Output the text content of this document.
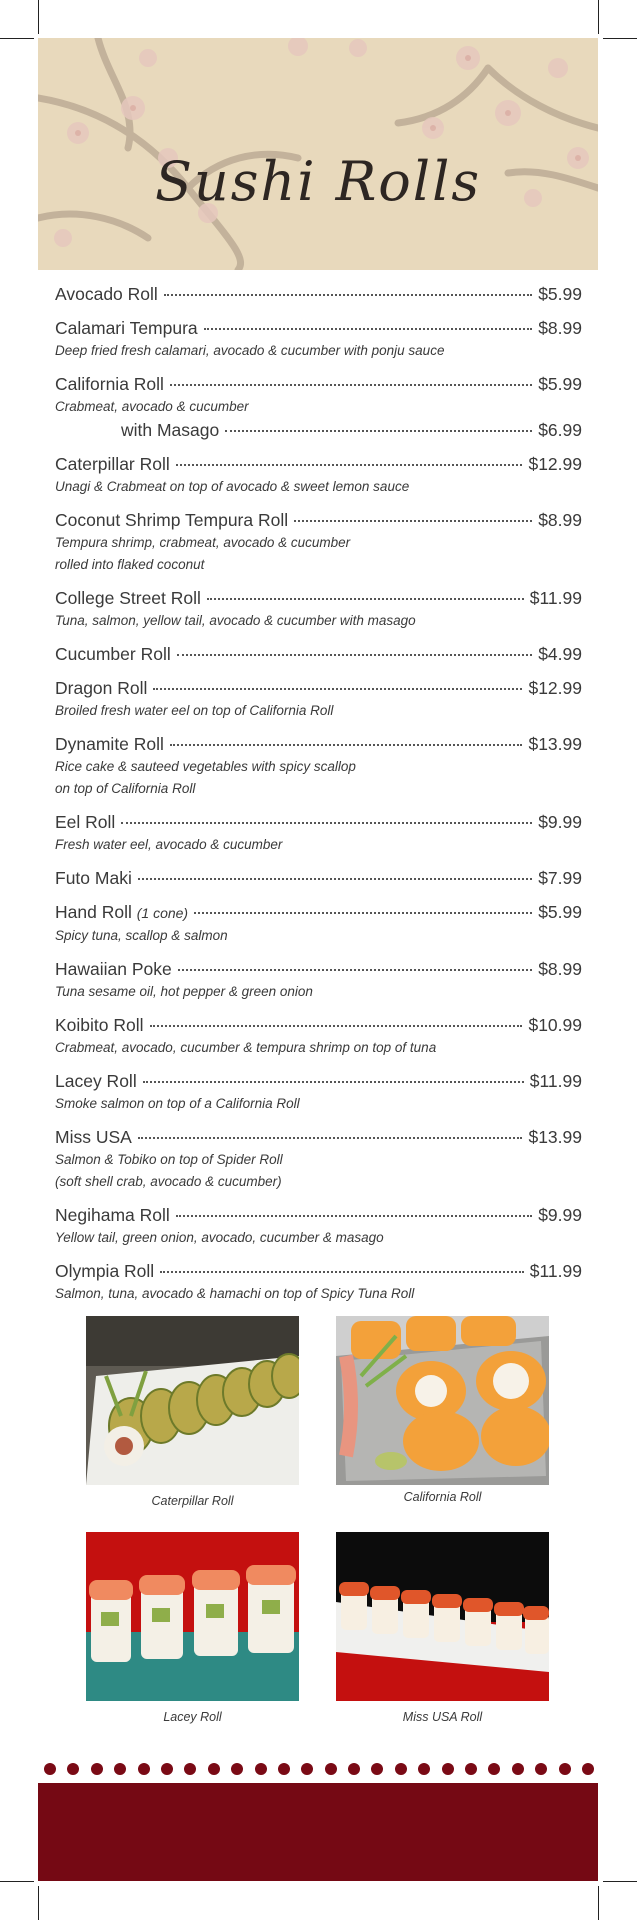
Sushi Rolls
Avocado Roll	$5.99
Calamari Tempura	$8.99
Deep fried fresh calamari, avocado & cucumber with ponju sauce
California Roll	$5.99
Crabmeat, avocado & cucumber
with Masago	$6.99
Caterpillar Roll	$12.99
Unagi & Crabmeat on top of avocado & sweet lemon sauce
Coconut Shrimp Tempura Roll	$8.99
Tempura shrimp, crabmeat, avocado & cucumber
rolled into flaked coconut
College Street Roll	$11.99
Tuna, salmon, yellow tail, avocado & cucumber with masago
Cucumber Roll	$4.99
Dragon Roll	$12.99
Broiled fresh water eel on top of California Roll
Dynamite Roll	$13.99
Rice cake & sauteed vegetables with spicy scallop
on top of California Roll
Eel Roll	$9.99
Fresh water eel, avocado & cucumber
Futo Maki	$7.99
Hand Roll (1 cone)	$5.99
Spicy tuna, scallop & salmon
Hawaiian Poke	$8.99
Tuna sesame oil, hot pepper & green onion
Koibito Roll	$10.99
Crabmeat, avocado, cucumber & tempura shrimp on top of tuna
Lacey Roll	$11.99
Smoke salmon on top of a California Roll
Miss USA	$13.99
Salmon & Tobiko on top of Spider Roll
(soft shell crab, avocado & cucumber)
Negihama Roll	$9.99
Yellow tail, green onion, avocado, cucumber & masago
Olympia Roll	$11.99
Salmon, tuna, avocado & hamachi on top of Spicy Tuna Roll
Caterpillar Roll	California Roll
Lacey Roll	Miss USA Roll
